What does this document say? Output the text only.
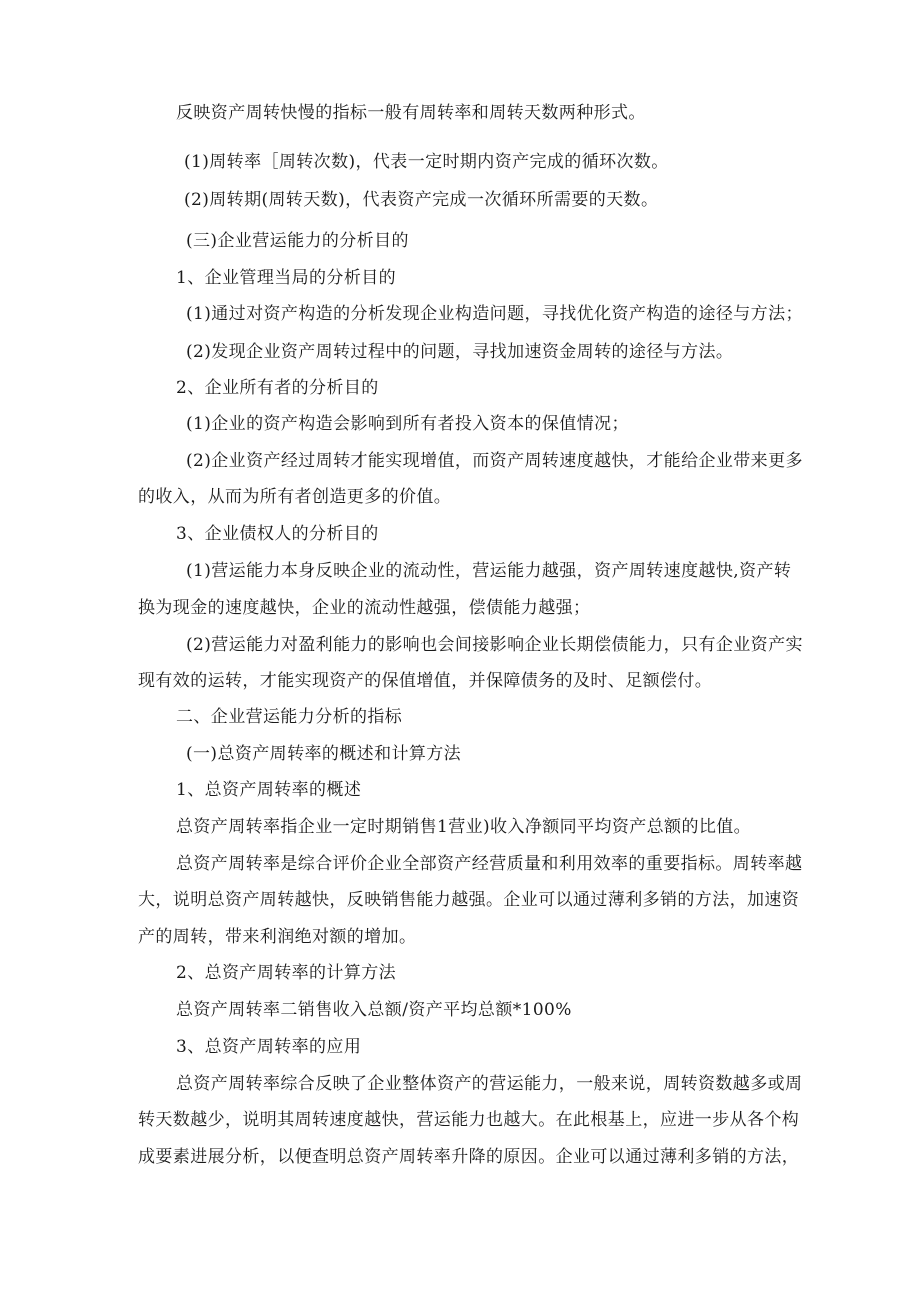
反映资产周转快慢的指标一般有周转率和周转天数两种形式。
(1)周转率［周转次数)，代表一定时期内资产完成的循环次数。
(2)周转期(周转天数)，代表资产完成一次循环所需要的天数。
(三)企业营运能力的分析目的
1、企业管理当局的分析目的
(1)通过对资产构造的分析发现企业构造问题，寻找优化资产构造的途径与方法；
(2)发现企业资产周转过程中的问题，寻找加速资金周转的途径与方法。
2、企业所有者的分析目的
(1)企业的资产构造会影响到所有者投入资本的保值情况；
(2)企业资产经过周转才能实现增值，而资产周转速度越快，才能给企业带来更多
的收入，从而为所有者创造更多的价值。
3、企业债权人的分析目的
(1)营运能力本身反映企业的流动性，营运能力越强，资产周转速度越快,资产转
换为现金的速度越快，企业的流动性越强，偿债能力越强；
(2)营运能力对盈利能力的影响也会间接影响企业长期偿债能力，只有企业资产实
现有效的运转，才能实现资产的保值增值，并保障债务的及时、足额偿付。
二、企业营运能力分析的指标
(一)总资产周转率的概述和计算方法
1、总资产周转率的概述
总资产周转率指企业一定时期销售1营业)收入净额同平均资产总额的比值。
总资产周转率是综合评价企业全部资产经营质量和利用效率的重要指标。周转率越
大，说明总资产周转越快，反映销售能力越强。企业可以通过薄利多销的方法，加速资
产的周转，带来利润绝对额的增加。
2、总资产周转率的计算方法
总资产周转率二销售收入总额/资产平均总额*100%
3、总资产周转率的应用
总资产周转率综合反映了企业整体资产的营运能力，一般来说，周转资数越多或周
转天数越少，说明其周转速度越快，营运能力也越大。在此根基上，应进一步从各个构
成要素进展分析，以便查明总资产周转率升降的原因。企业可以通过薄利多销的方法，
